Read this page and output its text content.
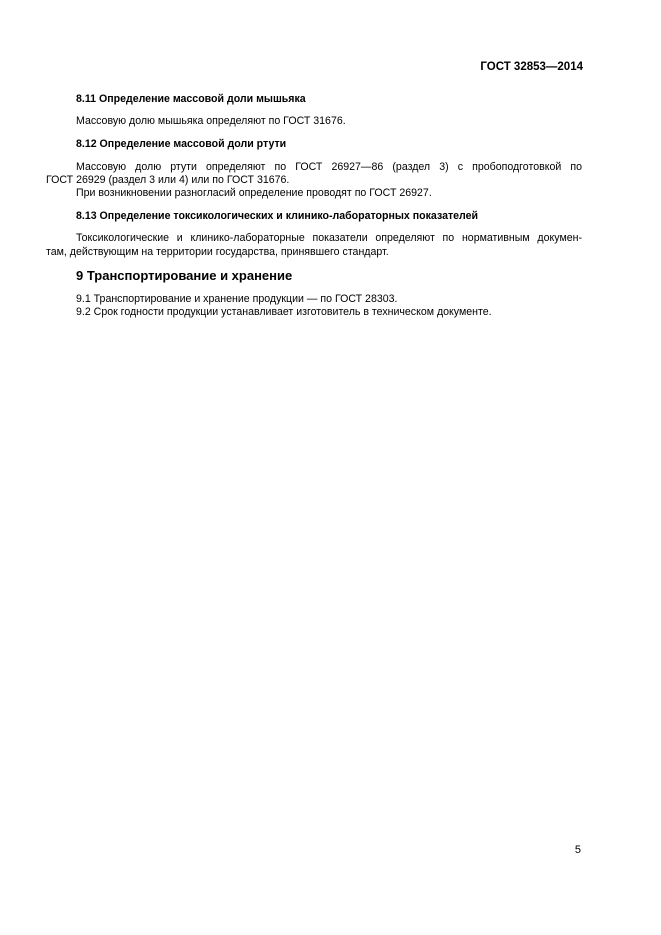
ГОСТ 32853—2014
8.11 Определение массовой доли мышьяка
Массовую долю мышьяка определяют по ГОСТ 31676.
8.12 Определение массовой доли ртути
Массовую долю ртути определяют по ГОСТ 26927—86 (раздел 3) с пробоподготовкой по
ГОСТ 26929 (раздел 3 или 4) или по ГОСТ 31676.
При возникновении разногласий определение проводят по ГОСТ 26927.
8.13 Определение токсикологических и клинико-лабораторных показателей
Токсикологические и клинико-лабораторные показатели определяют по нормативным докумен-
там, действующим на территории государства, принявшего стандарт.
9 Транспортирование и хранение
9.1 Транспортирование и хранение продукции — по ГОСТ 28303.
9.2 Срок годности продукции устанавливает изготовитель в техническом документе.
5
